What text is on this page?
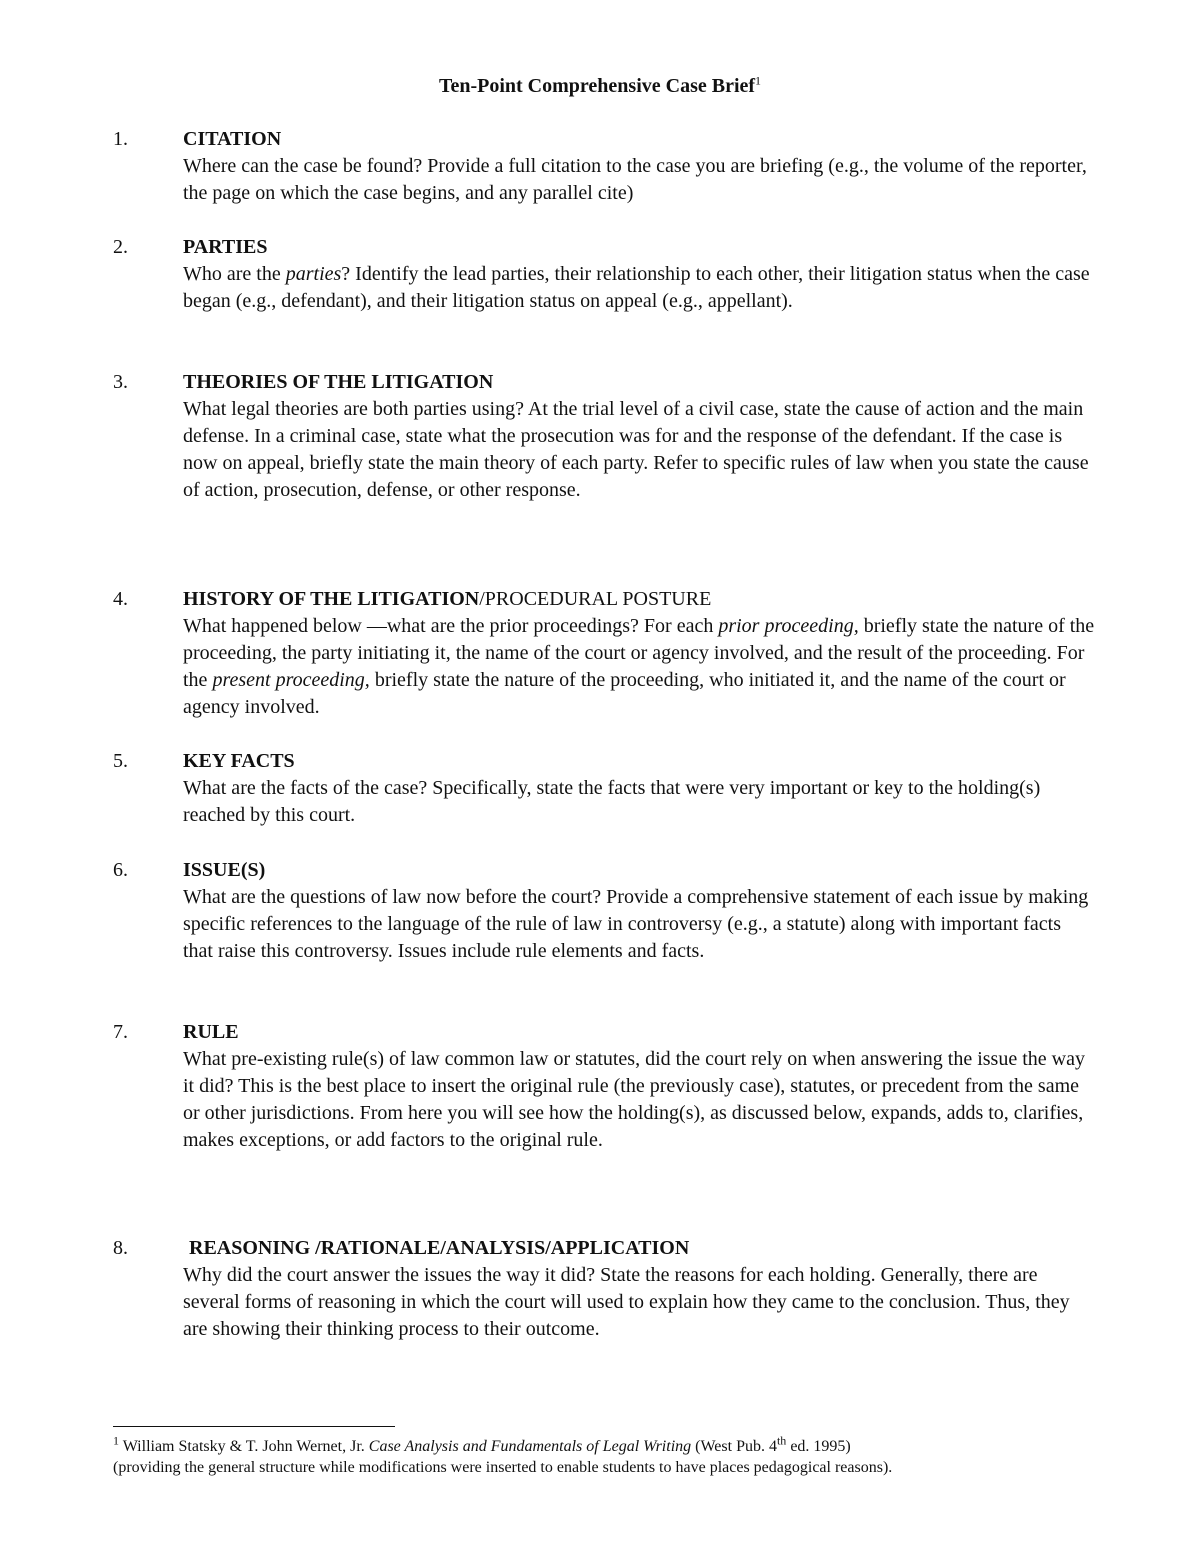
Ten-Point Comprehensive Case Brief$^1$
1.	CITATION
Where can the case be found? Provide a full citation to the case you are briefing (e.g., the volume of the reporter, the page on which the case begins, and any parallel cite)
2.	PARTIES
Who are the parties? Identify the lead parties, their relationship to each other, their litigation status when the case began (e.g., defendant), and their litigation status on appeal (e.g., appellant).
3.	THEORIES OF THE LITIGATION
What legal theories are both parties using? At the trial level of a civil case, state the cause of action and the main defense. In a criminal case, state what the prosecution was for and the response of the defendant. If the case is now on appeal, briefly state the main theory of each party. Refer to specific rules of law when you state the cause of action, prosecution, defense, or other response.
4.	HISTORY OF THE LITIGATION/PROCEDURAL POSTURE
What happened below —what are the prior proceedings? For each prior proceeding, briefly state the nature of the proceeding, the party initiating it, the name of the court or agency involved, and the result of the proceeding. For the present proceeding, briefly state the nature of the proceeding, who initiated it, and the name of the court or agency involved.
5.	KEY FACTS
What are the facts of the case? Specifically, state the facts that were very important or key to the holding(s) reached by this court.
6.	ISSUE(S)
What are the questions of law now before the court? Provide a comprehensive statement of each issue by making specific references to the language of the rule of law in controversy (e.g., a statute) along with important facts that raise this controversy. Issues include rule elements and facts.
7.	RULE
What pre-existing rule(s) of law common law or statutes, did the court rely on when answering the issue the way it did? This is the best place to insert the original rule (the previously case), statutes, or precedent from the same or other jurisdictions. From here you will see how the holding(s), as discussed below, expands, adds to, clarifies, makes exceptions, or add factors to the original rule.
8.	REASONING /RATIONALE/ANALYSIS/APPLICATION
Why did the court answer the issues the way it did? State the reasons for each holding. Generally, there are several forms of reasoning in which the court will used to explain how they came to the conclusion. Thus, they are showing their thinking process to their outcome.
$^1$ William Statsky & T. John Wernet, Jr. Case Analysis and Fundamentals of Legal Writing (West Pub. 4th ed. 1995)
(providing the general structure while modifications were inserted to enable students to have places pedagogical reasons).
